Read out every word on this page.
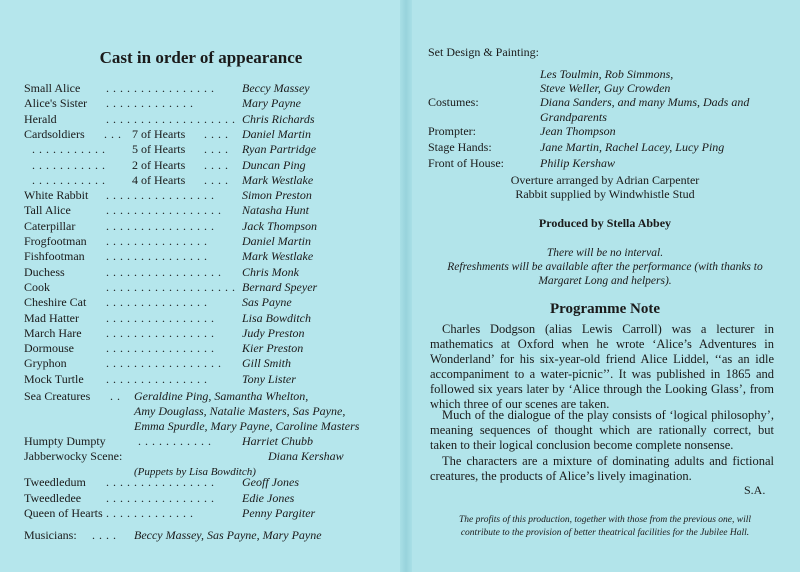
Cast in order of appearance
Small Alice . . . . . . . . . . . . . . . . Beccy Massey
Alice's Sister . . . . . . . . . . . . .	Mary Payne
Herald	. . . . . . . . . . . . . . . . . . . Chris Richards
Cardsoldiers . . . 7 of Hearts . . . . Daniel Martin
. . . . . . . . . . . 5 of Hearts . . . . Ryan Partridge
. . . . . . . . . . . 2 of Hearts . . . . Duncan Ping
. . . . . . . . . . . 4 of Hearts . . . . Mark Westlake
White Rabbit . . . . . . . . . . . . . . . . Simon Preston
Tall Alice	. . . . . . . . . . . . . . . . . Natasha Hunt
Caterpillar	. . . . . . . . . . . . . . . . Jack Thompson
Frogfootman . . . . . . . . . . . . . . .	Daniel Martin
Fishfootman . . . . . . . . . . . . . . .	Mark Westlake
Duchess	. . . . . . . . . . . . . . . . . Chris Monk
Cook	. . . . . . . . . . . . . . . . . . . Bernard Speyer
Cheshire Cat . . . . . . . . . . . . . . .	Sas Payne
Mad Hatter . . . . . . . . . . . . . . . . Lisa Bowditch
March Hare . . . . . . . . . . . . . . . . Judy Preston
Dormouse	. . . . . . . . . . . . . . . . Kier Preston
Gryphon	. . . . . . . . . . . . . . . . . Gill Smith
Mock Turtle . . . . . . . . . . . . . . .	Tony Lister
Sea Creatures . . Geraldine Ping, Samantha Whelton,
Amy Douglass, Natalie Masters, Sas Payne,
Emma Spurdle, Mary Payne, Caroline Masters
Humpty Dumpty	. . . . . . . . . . .	Harriet Chubb
Jabberwocky Scene:	Diana Kershaw
(Puppets by Lisa Bowditch)
Tweedledum . . . . . . . . . . . . . . . . Geoff Jones
Tweedledee . . . . . . . . . . . . . . . . Edie Jones
Queen of Hearts . . . . . . . . . . . . .	Penny Pargiter
Musicians: . . . . Beccy Massey, Sas Payne, Mary Payne
Set Design & Painting:
Les Toulmin, Rob Simmons,
Steve Weller, Guy Crowden
Costumes:	Diana Sanders, and many Mums, Dads and
Grandparents
Prompter:	Jean Thompson
Stage Hands:	Jane Martin, Rachel Lacey, Lucy Ping
Front of House:	Philip Kershaw
Overture arranged by Adrian Carpenter
Rabbit supplied by Windwhistle Stud
Produced by Stella Abbey
There will be no interval.
Refreshments will be available after the performance (with thanks to
Margaret Long and helpers).
Programme Note
Charles Dodgson (alias Lewis Carroll) was a lecturer in mathematics at Oxford when he wrote ‘Alice’s Adventures in Wonderland’ for his six-year-old friend Alice Liddel, ‘‘as an idle accompaniment to a water-picnic’’. It was published in 1865 and followed six years later by ‘Alice through the Looking Glass’, from which three of our scenes are taken.
Much of the dialogue of the play consists of ‘logical philosophy’, meaning sequences of thought which are rationally correct, but taken to their logical conclusion become complete nonsense.
The characters are a mixture of dominating adults and fictional creatures, the products of Alice’s lively imagination.
S.A.
The profits of this production, together with those from the previous one, will
contribute to the provision of better theatrical facilities for the Jubilee Hall.
